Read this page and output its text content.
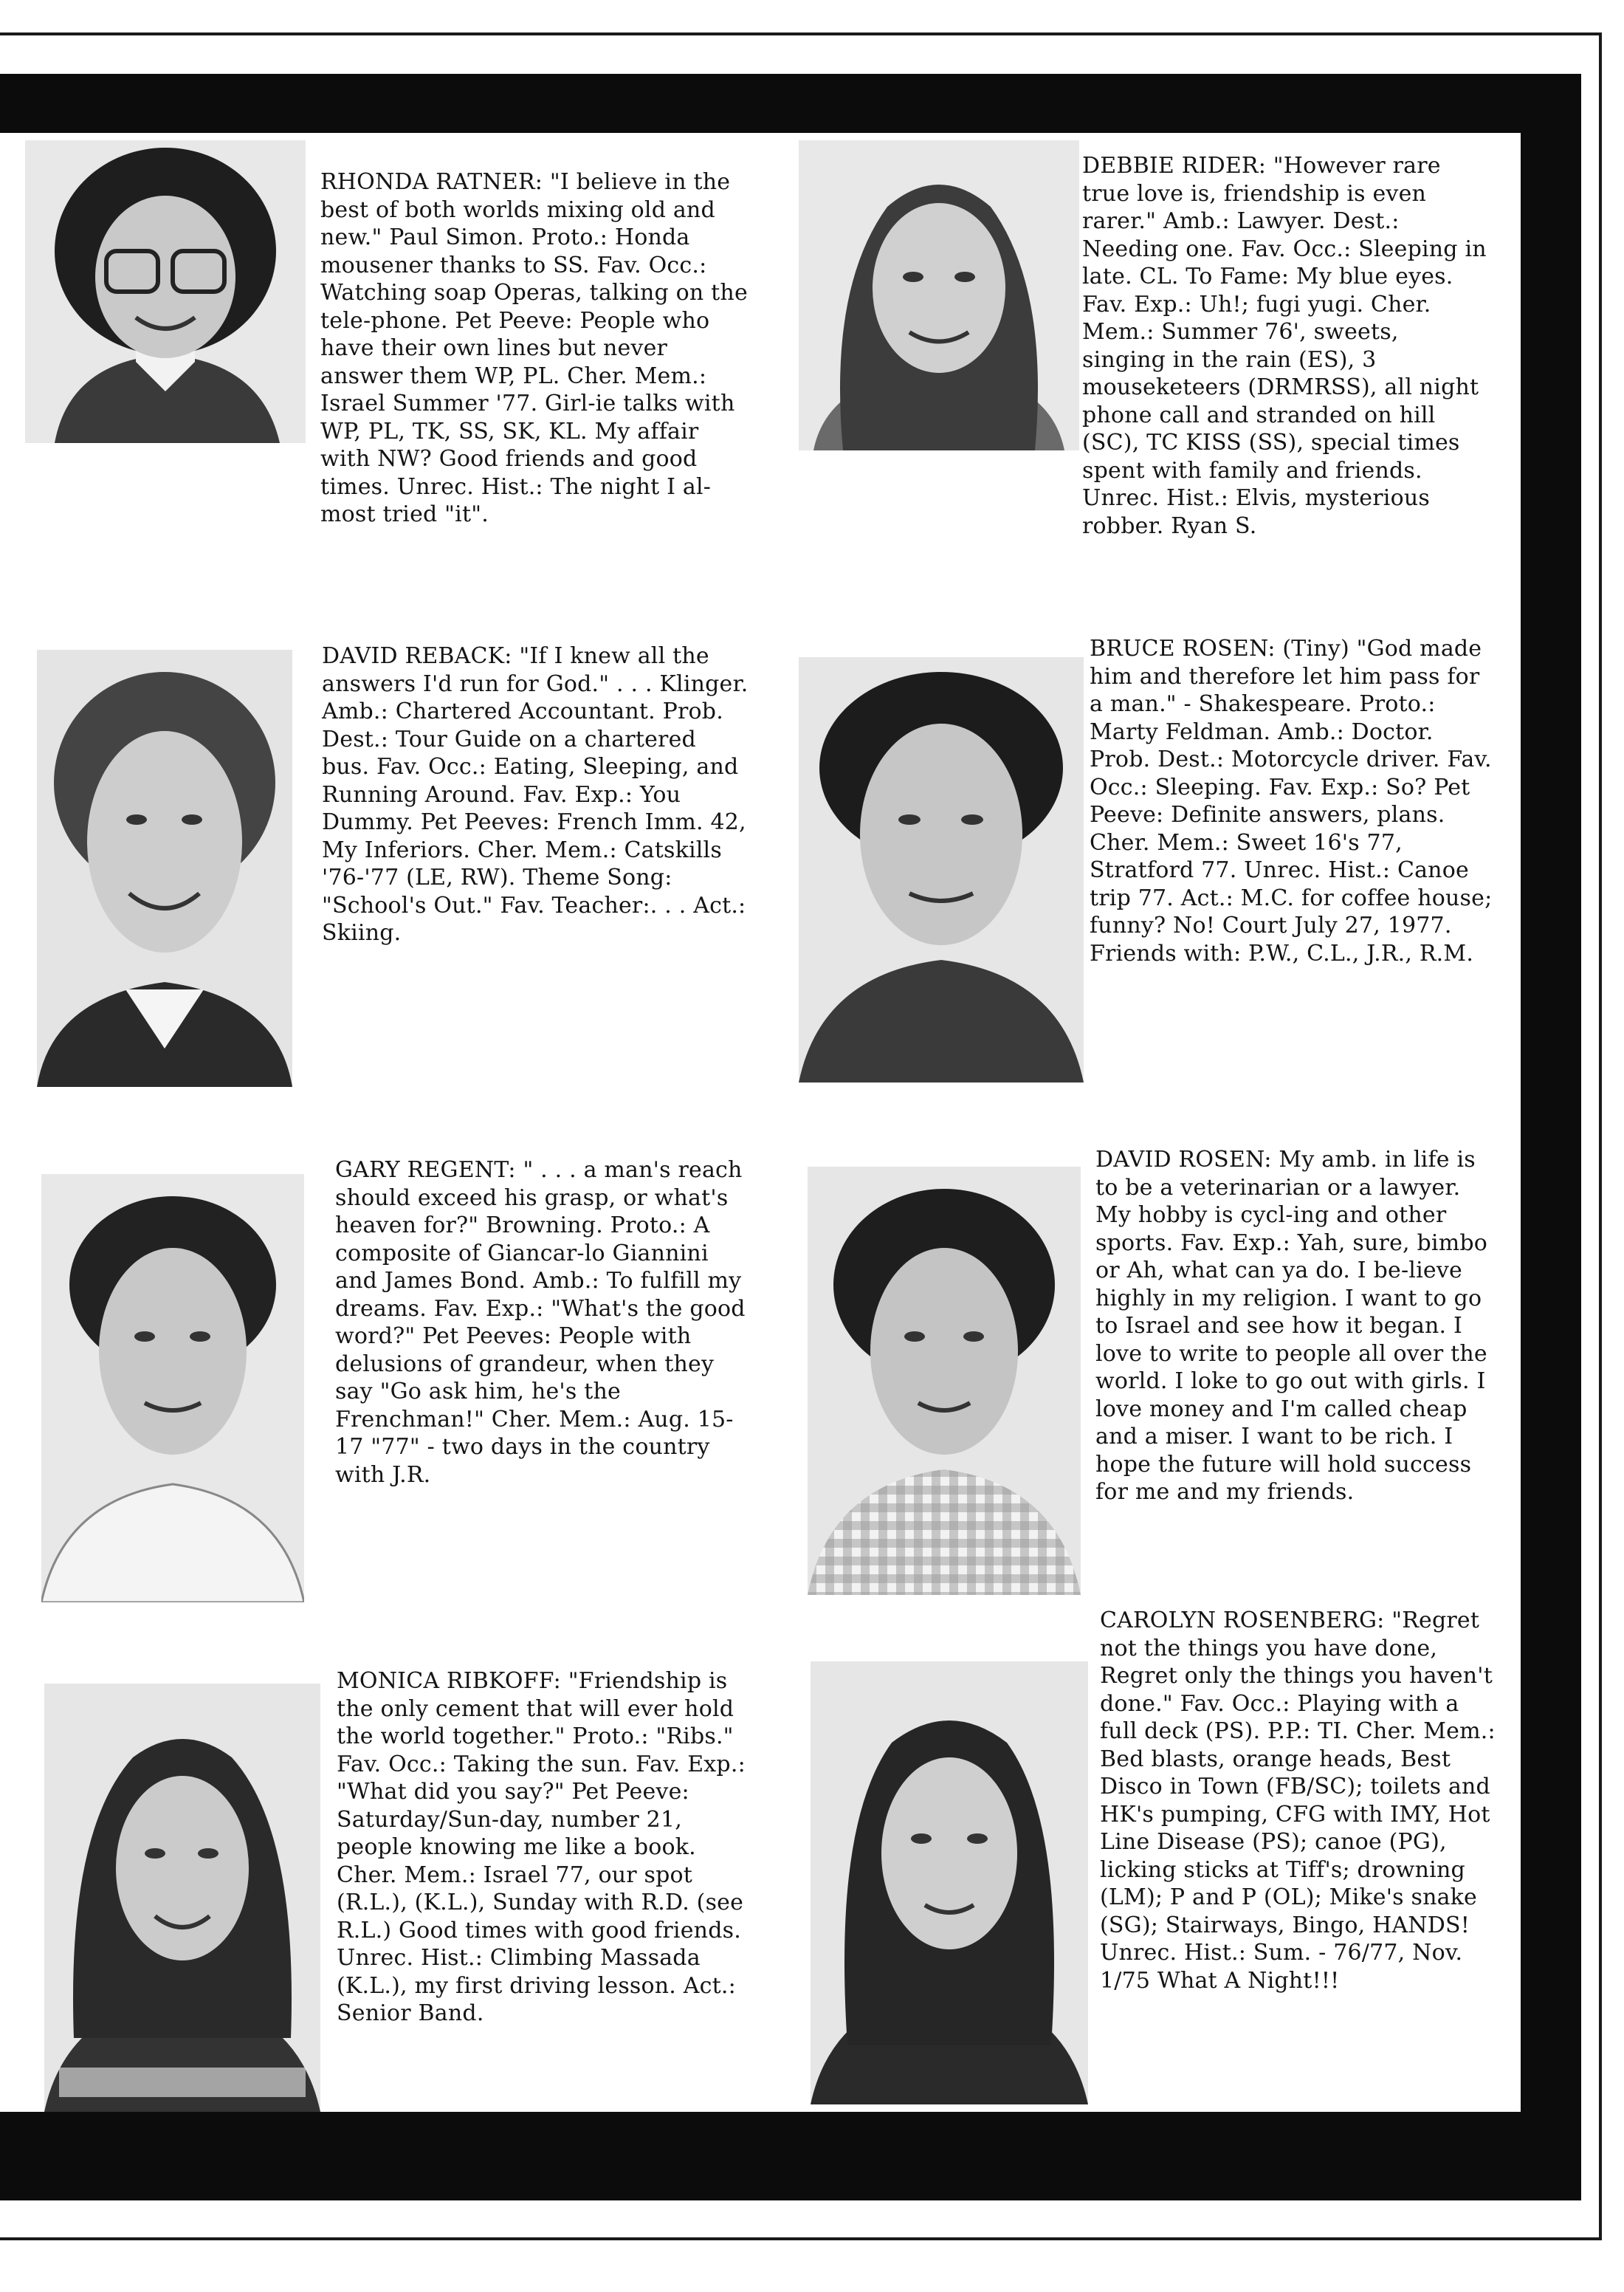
RHONDA RATNER: "I believe in the best of both worlds mixing old and new." Paul Simon. Proto.: Honda mousener thanks to SS. Fav. Occ.: Watching soap Operas, talking on the tele-phone. Pet Peeve: People who have their own lines but never answer them WP, PL. Cher. Mem.: Israel Summer '77. Girl-ie talks with WP, PL, TK, SS, SK, KL. My affair with NW? Good friends and good times. Unrec. Hist.: The night I al-most tried "it".

DEBBIE RIDER: "However rare true love is, friendship is even rarer." Amb.: Lawyer. Dest.: Needing one. Fav. Occ.: Sleeping in late. CL. To Fame: My blue eyes. Fav. Exp.: Uh!; fugi yugi. Cher. Mem.: Summer 76', sweets, singing in the rain (ES), 3 mouseketeers (DRMRSS), all night phone call and stranded on hill (SC), TC KISS (SS), special times spent with family and friends. Unrec. Hist.: Elvis, mysterious robber. Ryan S.

DAVID REBACK: "If I knew all the answers I'd run for God." . . . Klinger. Amb.: Chartered Accountant. Prob. Dest.: Tour Guide on a chartered bus. Fav. Occ.: Eating, Sleeping, and Running Around. Fav. Exp.: You Dummy. Pet Peeves: French Imm. 42, My Inferiors. Cher. Mem.: Catskills '76-'77 (LE, RW). Theme Song: "School's Out." Fav. Teacher:. . . Act.: Skiing.

BRUCE ROSEN: (Tiny) "God made him and therefore let him pass for a man." - Shakespeare. Proto.: Marty Feldman. Amb.: Doctor. Prob. Dest.: Motorcycle driver. Fav. Occ.: Sleeping. Fav. Exp.: So? Pet Peeve: Definite answers, plans. Cher. Mem.: Sweet 16's 77, Stratford 77. Unrec. Hist.: Canoe trip 77. Act.: M.C. for coffee house; funny? No! Court July 27, 1977. Friends with: P.W., C.L., J.R., R.M.

GARY REGENT: " . . . a man's reach should exceed his grasp, or what's heaven for?" Browning. Proto.: A composite of Giancar-lo Giannini and James Bond. Amb.: To fulfill my dreams. Fav. Exp.: "What's the good word?" Pet Peeves: People with delusions of grandeur, when they say "Go ask him, he's the Frenchman!" Cher. Mem.: Aug. 15-17 "77" - two days in the country with J.R.

DAVID ROSEN: My amb. in life is to be a veterinarian or a lawyer. My hobby is cycl-ing and other sports. Fav. Exp.: Yah, sure, bimbo or Ah, what can ya do. I be-lieve highly in my religion. I want to go to Israel and see how it began. I love to write to people all over the world. I loke to go out with girls. I love money and I'm called cheap and a miser. I want to be rich. I hope the future will hold success for me and my friends.

MONICA RIBKOFF: "Friendship is the only cement that will ever hold the world together." Proto.: "Ribs." Fav. Occ.: Taking the sun. Fav. Exp.: "What did you say?" Pet Peeve: Saturday/Sun-day, number 21, people knowing me like a book. Cher. Mem.: Israel 77, our spot (R.L.), (K.L.), Sunday with R.D. (see R.L.) Good times with good friends. Unrec. Hist.: Climbing Massada (K.L.), my first driving lesson. Act.: Senior Band.

CAROLYN ROSENBERG: "Regret not the things you have done, Regret only the things you haven't done." Fav. Occ.: Playing with a full deck (PS). P.P.: TI. Cher. Mem.: Bed blasts, orange heads, Best Disco in Town (FB/SC); toilets and HK's pumping, CFG with IMY, Hot Line Disease (PS); canoe (PG), licking sticks at Tiff's; drowning (LM); P and P (OL); Mike's snake (SG); Stairways, Bingo, HANDS! Unrec. Hist.: Sum. - 76/77, Nov. 1/75 What A Night!!!
